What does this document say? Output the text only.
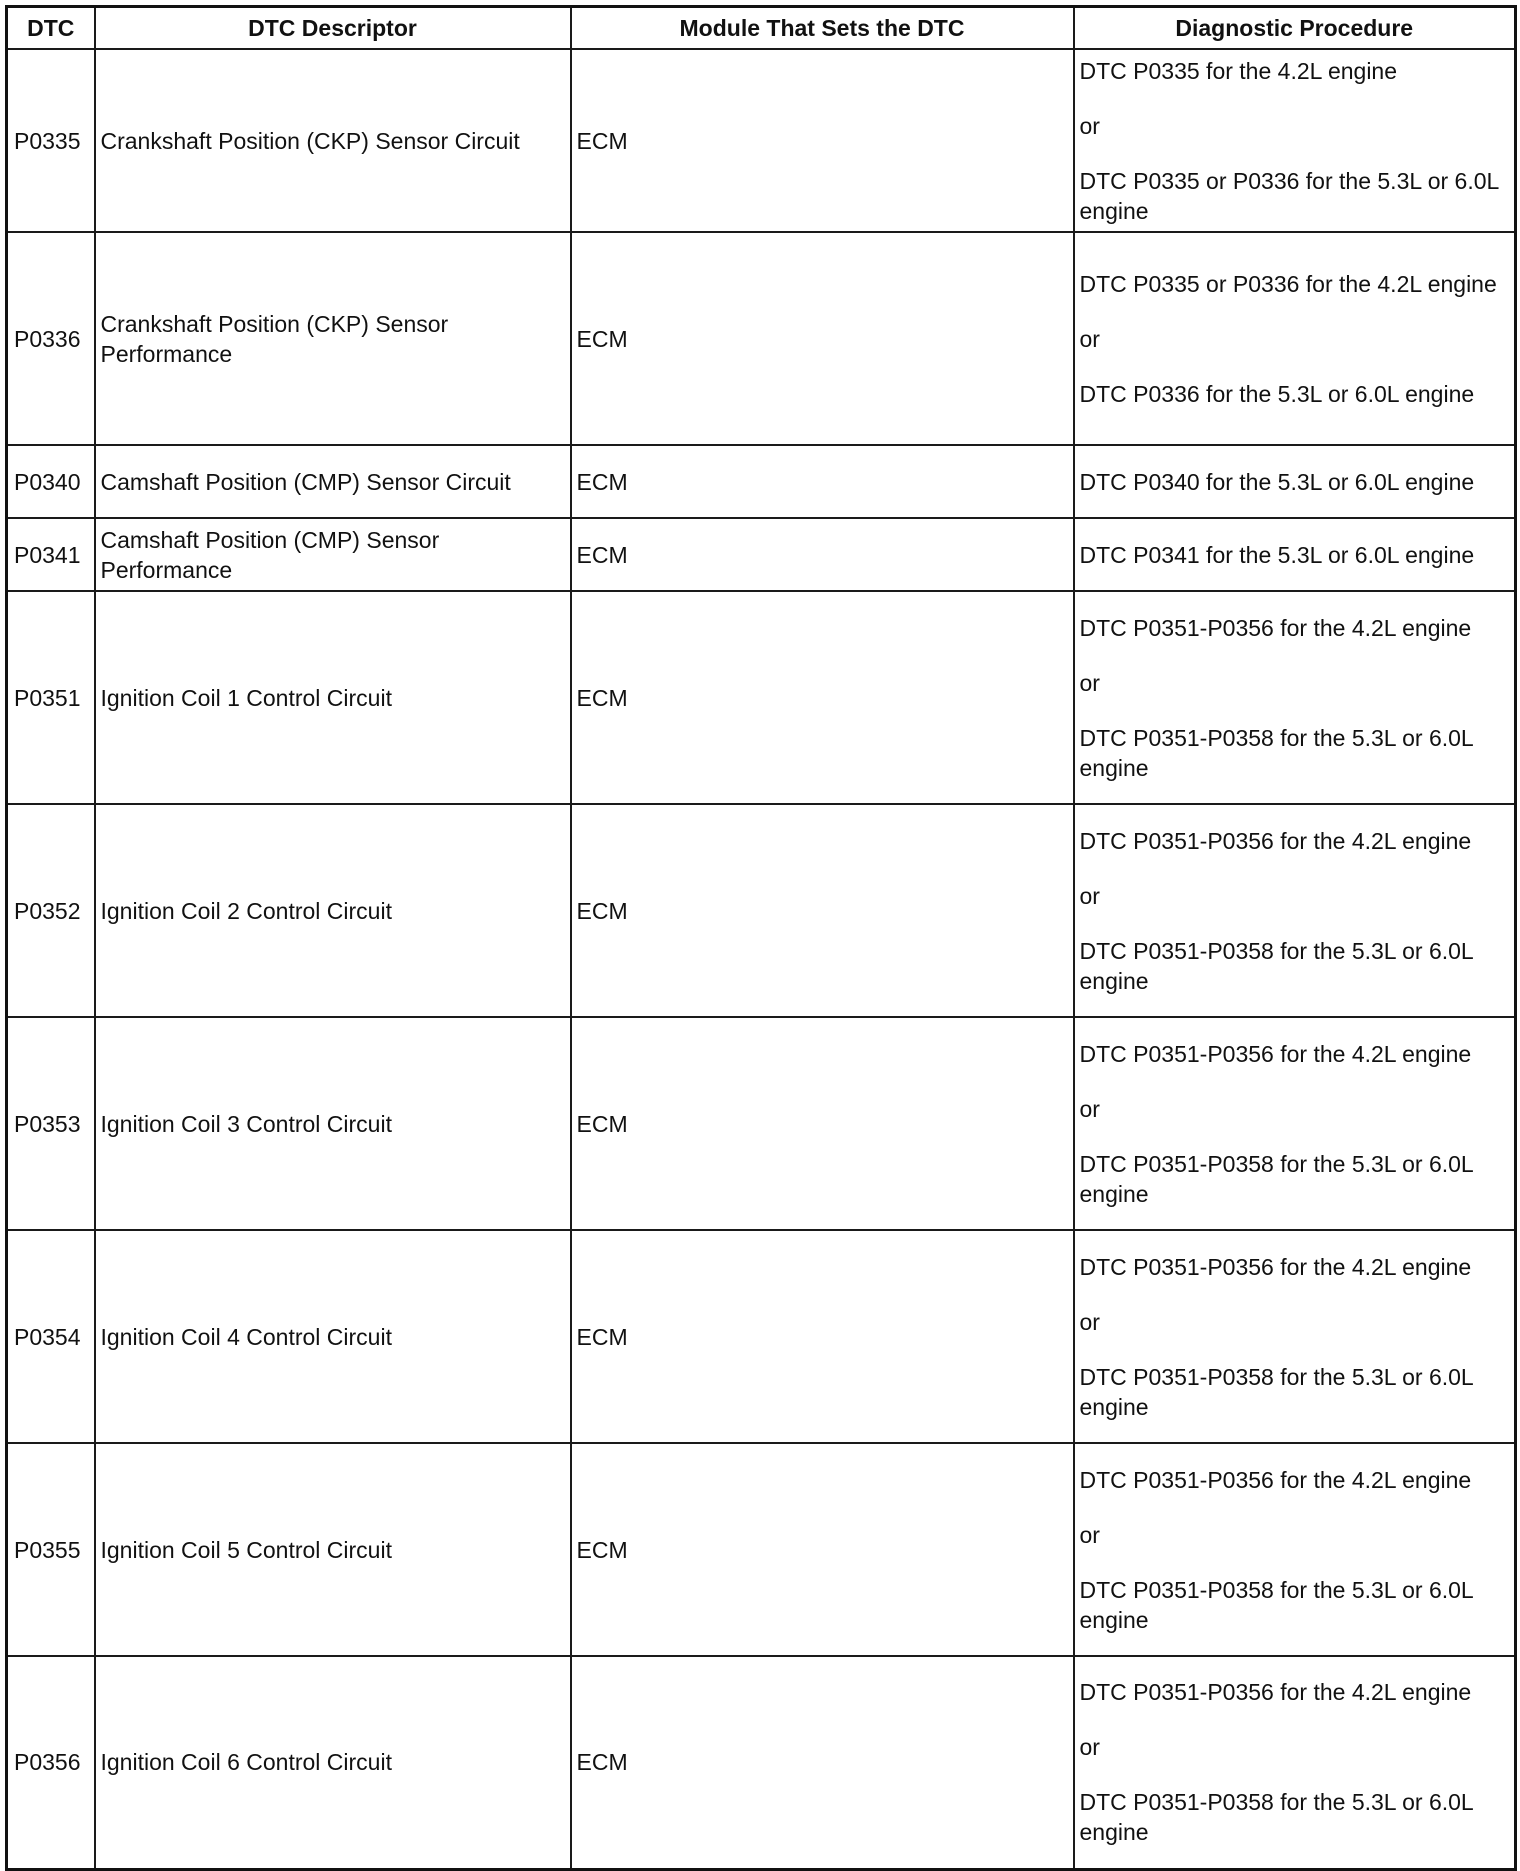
DTC	DTC Descriptor	Module That Sets the DTC	Diagnostic Procedure
P0335	Crankshaft Position (CKP) Sensor Circuit	ECM	DTC P0335 for the 4.2L engine
or
DTC P0335 or P0336 for the 5.3L or 6.0L engine

P0336	Crankshaft Position (CKP) Sensor Performance	ECM	DTC P0335 or P0336 for the 4.2L engine
or
DTC P0336 for the 5.3L or 6.0L engine

P0340	Camshaft Position (CMP) Sensor Circuit	ECM	DTC P0340 for the 5.3L or 6.0L engine

P0341	Camshaft Position (CMP) Sensor Performance	ECM	DTC P0341 for the 5.3L or 6.0L engine

P0351	Ignition Coil 1 Control Circuit	ECM	DTC P0351-P0356 for the 4.2L engine
or
DTC P0351-P0358 for the 5.3L or 6.0L engine

P0352	Ignition Coil 2 Control Circuit	ECM	DTC P0351-P0356 for the 4.2L engine
or
DTC P0351-P0358 for the 5.3L or 6.0L engine

P0353	Ignition Coil 3 Control Circuit	ECM	DTC P0351-P0356 for the 4.2L engine
or
DTC P0351-P0358 for the 5.3L or 6.0L engine

P0354	Ignition Coil 4 Control Circuit	ECM	DTC P0351-P0356 for the 4.2L engine
or
DTC P0351-P0358 for the 5.3L or 6.0L engine

P0355	Ignition Coil 5 Control Circuit	ECM	DTC P0351-P0356 for the 4.2L engine
or
DTC P0351-P0358 for the 5.3L or 6.0L engine

P0356	Ignition Coil 6 Control Circuit	ECM	DTC P0351-P0356 for the 4.2L engine
or
DTC P0351-P0358 for the 5.3L or 6.0L engine
